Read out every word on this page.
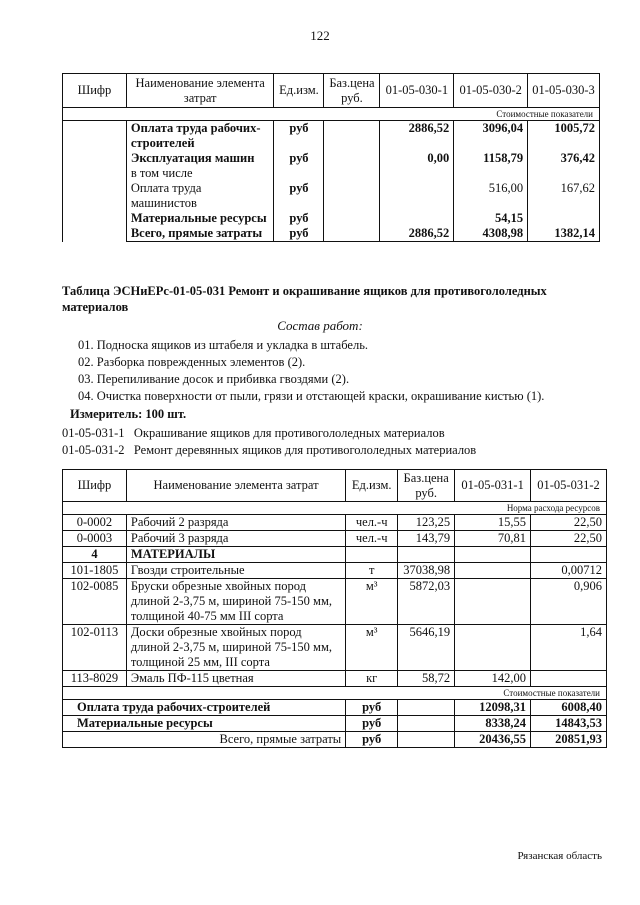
122
Шифр	Наименование элемента затрат	Ед.изм.	Баз.цена руб.	01-05-030-1	01-05-030-2	01-05-030-3
Стоимостные показатели						
	Оплата труда рабочих-строителей	руб		2886,52	3096,04	1005,72
	Эксплуатация машин	руб		0,00	1158,79	376,42
	в том числе					
	Оплата труда машинистов	руб			516,00	167,62
	Материальные ресурсы	руб			54,15	
	Всего, прямые затраты	руб		2886,52	4308,98	1382,14
Таблица ЭСНиЕРс-01-05-031 Ремонт и окрашивание ящиков для противогололедных материалов
Состав работ:
01. Подноска ящиков из штабеля и укладка в штабель.
02. Разборка поврежденных элементов (2).
03. Перепиливание досок и прибивка гвоздями (2).
04. Очистка поверхности от пыли, грязи и отстающей краски, окрашивание кистью (1).
Измеритель: 100 шт.
01-05-031-1 Окрашивание ящиков для противогололедных материалов
01-05-031-2 Ремонт деревянных ящиков для противогололедных материалов
Шифр	Наименование элемента затрат	Ед.изм.	Баз.цена руб.	01-05-031-1	01-05-031-2
Норма расхода ресурсов					
0-0002	Рабочий 2 разряда	чел.-ч	123,25	15,55	22,50
0-0003	Рабочий 3 разряда	чел.-ч	143,79	70,81	22,50
4	МАТЕРИАЛЫ				
101-1805	Гвозди строительные	т	37038,98		0,00712
102-0085	Бруски обрезные хвойных пород длиной 2-3,75 м, шириной 75-150 мм, толщиной 40-75 мм III сорта	м³	5872,03		0,906
102-0113	Доски обрезные хвойных пород длиной 2-3,75 м, шириной 75-150 мм, толщиной 25 мм, III сорта	м³	5646,19		1,64
113-8029	Эмаль ПФ-115 цветная	кг	58,72	142,00	
Стоимостные показатели					
Оплата труда рабочих-строителей		руб		12098,31	6008,40
Материальные ресурсы		руб		8338,24	14843,53
Всего, прямые затраты		руб		20436,55	20851,93
Рязанская область
